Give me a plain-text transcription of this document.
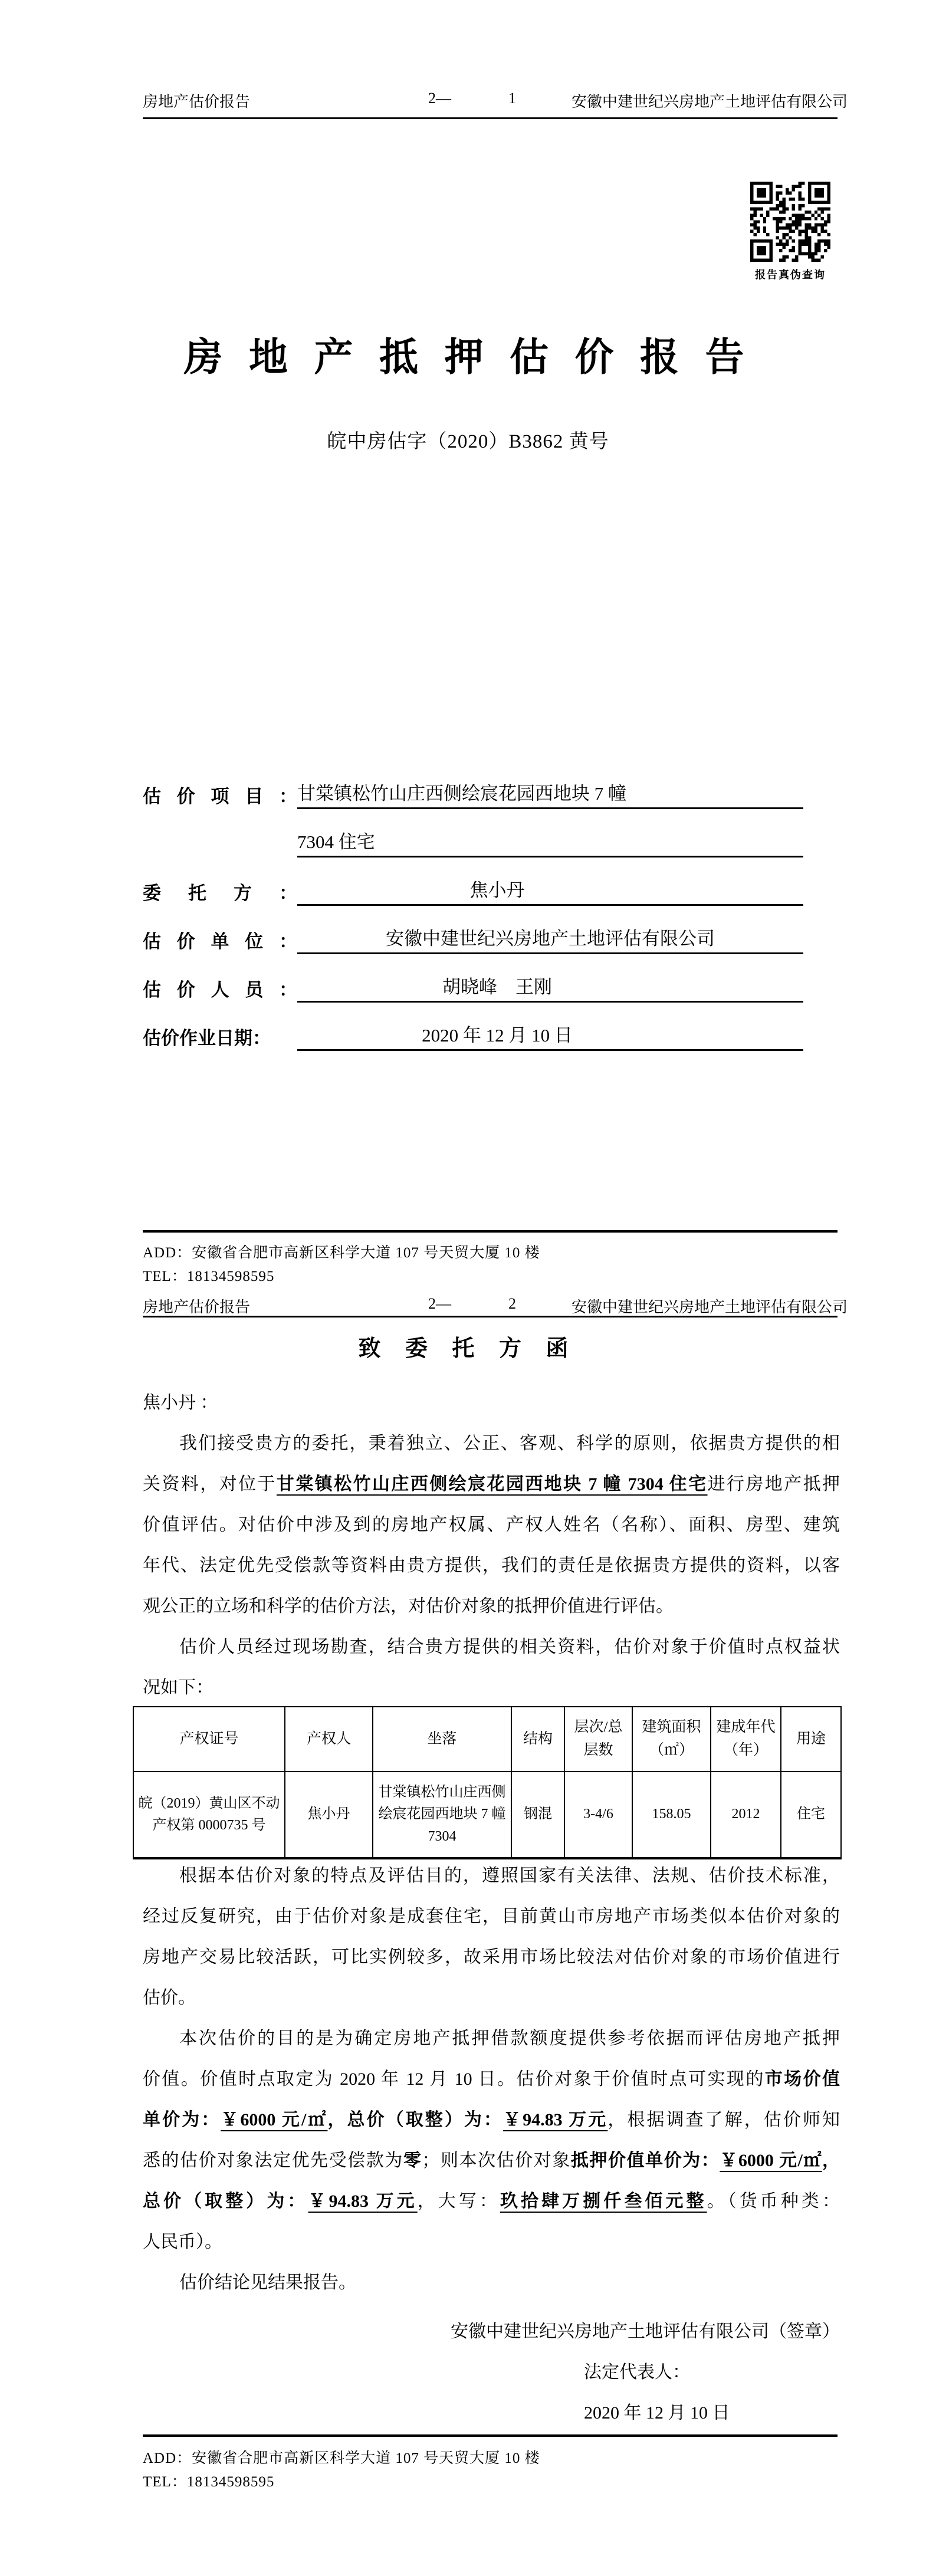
房地产估价报告	2—	1	安徽中建世纪兴房地产土地评估有限公司
报告真伪查询
房 地 产 抵 押 估 价 报 告
皖中房估字（2020）B3862 黄号
估 价 项 目 ： 甘棠镇松竹山庄西侧绘宸花园西地块 7 幢
7304 住宅
委 托 方 ：	焦小丹
估 价 单 位 ：	安徽中建世纪兴房地产土地评估有限公司
估 价 人 员 ：	胡晓峰　王刚
估价作业日期：	2020 年 12 月 10 日
ADD：安徽省合肥市高新区科学大道 107 号天贸大厦 10 楼
TEL：18134598595
房地产估价报告	2—	2	安徽中建世纪兴房地产土地评估有限公司
致 委 托 方 函
焦小丹 ：
我们接受贵方的委托，秉着独立、公正、客观、科学的原则，依据贵方提供的相
关资料，对位于甘棠镇松竹山庄西侧绘宸花园西地块 7 幢 7304 住宅进行房地产抵押
价值评估。对估价中涉及到的房地产权属、产权人姓名（名称）、面积、房型、建筑
年代、法定优先受偿款等资料由贵方提供，我们的责任是依据贵方提供的资料，以客
观公正的立场和科学的估价方法，对估价对象的抵押价值进行评估。
估价人员经过现场勘查，结合贵方提供的相关资料，估价对象于价值时点权益状
况如下：
产权证号	产权人	坐落	结构	层次/总层数	建筑面积（㎡）	建成年代（年）	用途
皖（2019）黄山区不动产权第 0000735 号	焦小丹	甘棠镇松竹山庄西侧绘宸花园西地块 7 幢 7304	钢混	3-4/6	158.05	2012	住宅
根据本估价对象的特点及评估目的，遵照国家有关法律、法规、估价技术标准，
经过反复研究，由于估价对象是成套住宅，目前黄山市房地产市场类似本估价对象的
房地产交易比较活跃，可比实例较多，故采用市场比较法对估价对象的市场价值进行
估价。
本次估价的目的是为确定房地产抵押借款额度提供参考依据而评估房地产抵押
价值。价值时点取定为 2020 年 12 月 10 日。估价对象于价值时点可实现的市场价值
单价为：￥6000 元/㎡，总价（取整）为：￥94.83 万元，根据调查了解，估价师知
悉的估价对象法定优先受偿款为零；则本次估价对象抵押价值单价为：￥6000 元/㎡，
总价（取整）为：￥94.83 万元，大写：玖拾肆万捌仟叁佰元整。（货币种类：
人民币）。
估价结论见结果报告。
安徽中建世纪兴房地产土地评估有限公司（签章）
法定代表人：
2020 年 12 月 10 日
ADD：安徽省合肥市高新区科学大道 107 号天贸大厦 10 楼
TEL：18134598595
